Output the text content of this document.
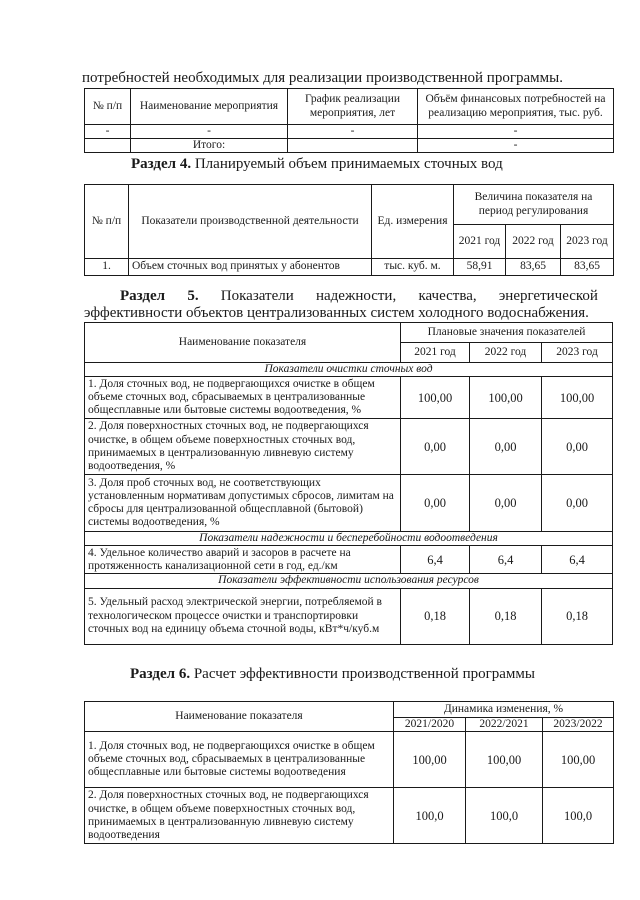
потребностей необходимых для реализации производственной программы.
№ п/п	Наименование мероприятия	График реализации мероприятия, лет	Объём финансовых потребностей на реализацию мероприятия, тыс. руб.
-	-	-	-
	Итого:		-
Раздел 4. Планируемый объем принимаемых сточных вод
№ п/п	Показатели производственной деятельности	Ед. измерения	Величина показателя на период регулирования		
			2021 год	2022 год	2023 год
1.	Объем сточных вод принятых у абонентов	тыс. куб. м.	58,91	83,65	83,65
Раздел 5. Показатели надежности, качества, энергетической
эффективности объектов централизованных систем холодного водоснабжения.
Наименование показателя	Плановые значения показателей		
	2021 год	2022 год	2023 год
Показатели очистки сточных вод			
1. Доля сточных вод, не подвергающихся очистке в общем объеме сточных вод, сбрасываемых в централизованные общесплавные или бытовые системы водоотведения, %	100,00	100,00	100,00
2. Доля поверхностных сточных вод, не подвергающихся очистке, в общем объеме поверхностных сточных вод, принимаемых в централизованную ливневую систему водоотведения, %	0,00	0,00	0,00
3. Доля проб сточных вод, не соответствующих установленным нормативам допустимых сбросов, лимитам на сбросы для централизованной общесплавной (бытовой) системы водоотведения, %	0,00	0,00	0,00
Показатели надежности и бесперебойности водоотведения			
4. Удельное количество аварий и засоров в расчете на протяженность канализационной сети в год, ед./км	6,4	6,4	6,4
Показатели эффективности использования ресурсов			
5. Удельный расход электрической энергии, потребляемой в технологическом процессе очистки и транспортировки сточных вод на единицу объема сточной воды, кВт*ч/куб.м	0,18	0,18	0,18
Раздел 6. Расчет эффективности производственной программы
Наименование показателя	Динамика изменения, %		
	2021/2020	2022/2021	2023/2022
1. Доля сточных вод, не подвергающихся очистке в общем объеме сточных вод, сбрасываемых в централизованные общесплавные или бытовые системы водоотведения	100,00	100,00	100,00
2. Доля поверхностных сточных вод, не подвергающихся очистке, в общем объеме поверхностных сточных вод, принимаемых в централизованную ливневую систему водоотведения	100,0	100,0	100,0
